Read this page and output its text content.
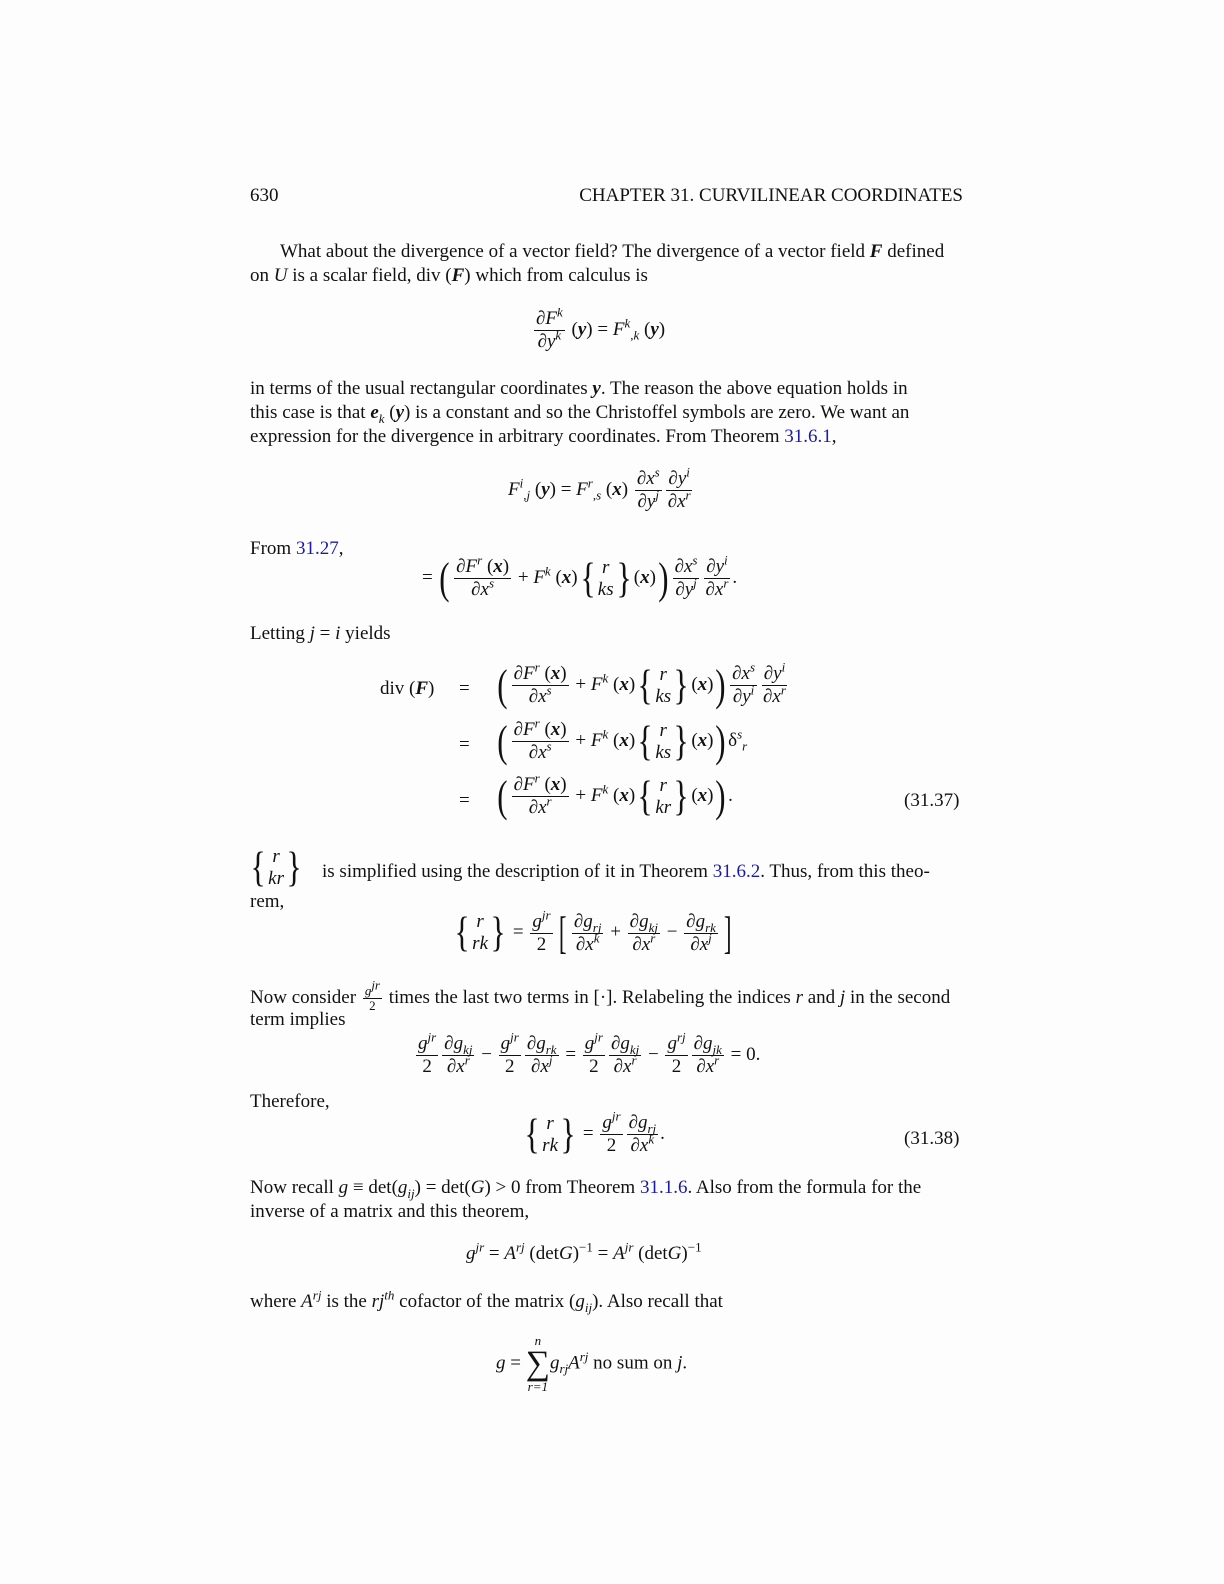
630	CHAPTER 31. CURVILINEAR COORDINATES
What about the divergence of a vector field? The divergence of a vector field F defined
on U is a scalar field, div (F) which from calculus is
$\frac{\partial F^k}{\partial y^k} (y) = F^k_{,k}$ (y)
in terms of the usual rectangular coordinates y. The reason the above equation holds in
this case is that $e_k$ (y) is a constant and so the Christoffel symbols are zero. We want an
expression for the divergence in arbitrary coordinates. From Theorem 31.6.1,
$F^i_{,j}$ $(y) = F^r_{,s}$ $(x) \frac{\partial x^s}{\partial y^j} \frac{\partial y^i}{\partial x^r}$
From 31.27,
= ( $\frac{\partial F^r (x)}{\partial x^s} + F^k$ (x){ r
ks } $(x)) \frac{\partial x^s}{\partial y^j} \frac{\partial y^i}{\partial x^r}$ .
Letting j = i yields
div (F) = ( $\frac{\partial F^r (x)}{\partial x^s} + F^k$ (x){ r
ks } $(x)) \frac{\partial x^s}{\partial y^i} \frac{\partial y^i}{\partial x^r}$
= ( $\frac{\partial F^r (x)}{\partial x^s} + F^k$ (x){ r
ks } (x)) $\delta^s_r$
= ( $\frac{\partial F^r (x)}{\partial x^r} + F^k$ (x){ r
kr } (x)) .	(31.37)
{ r
kr } is simplified using the description of it in Theorem 31.6.2. Thus, from this theo-
rem,
{ r
rk } = $\frac{g^{jr}}{2}$ [ $\frac{\partial g_{rj}}{\partial x^k} + \frac{\partial g_{kj}}{\partial x^r} - \frac{\partial g_{rk}}{\partial x^j}$ ]
Now consider $\frac{g^{jr}}{2}$ times the last two terms in [·]. Relabeling the indices r and j in the second
term implies
$\frac{g^{jr}}{2} \frac{\partial g_{kj}}{\partial x^r} - \frac{g^{jr}}{2} \frac{\partial g_{rk}}{\partial x^j} = \frac{g^{jr}}{2} \frac{\partial g_{kj}}{\partial x^r} - \frac{g^{rj}}{2} \frac{\partial g_{jk}}{\partial x^r} = 0$.
Therefore,
{ r
rk } = $\frac{g^{jr}}{2} \frac{\partial g_{rj}}{\partial x^k}$ .	(31.38)
Now recall $g \equiv \det(g_{ij}) = \det(G) > 0$ from Theorem 31.1.6. Also from the formula for the
inverse of a matrix and this theorem,
$g^{jr} = A^{rj}$ $(\det G)^{-1} = A^{jr}$ $(\det G)^{-1}$
where $A^{rj}$ is the $rj^{th}$ cofactor of the matrix $(g_{ij})$. Also recall that
g =
n
∑
r=1
$g_{rj}A^{rj}$ no sum on j.
